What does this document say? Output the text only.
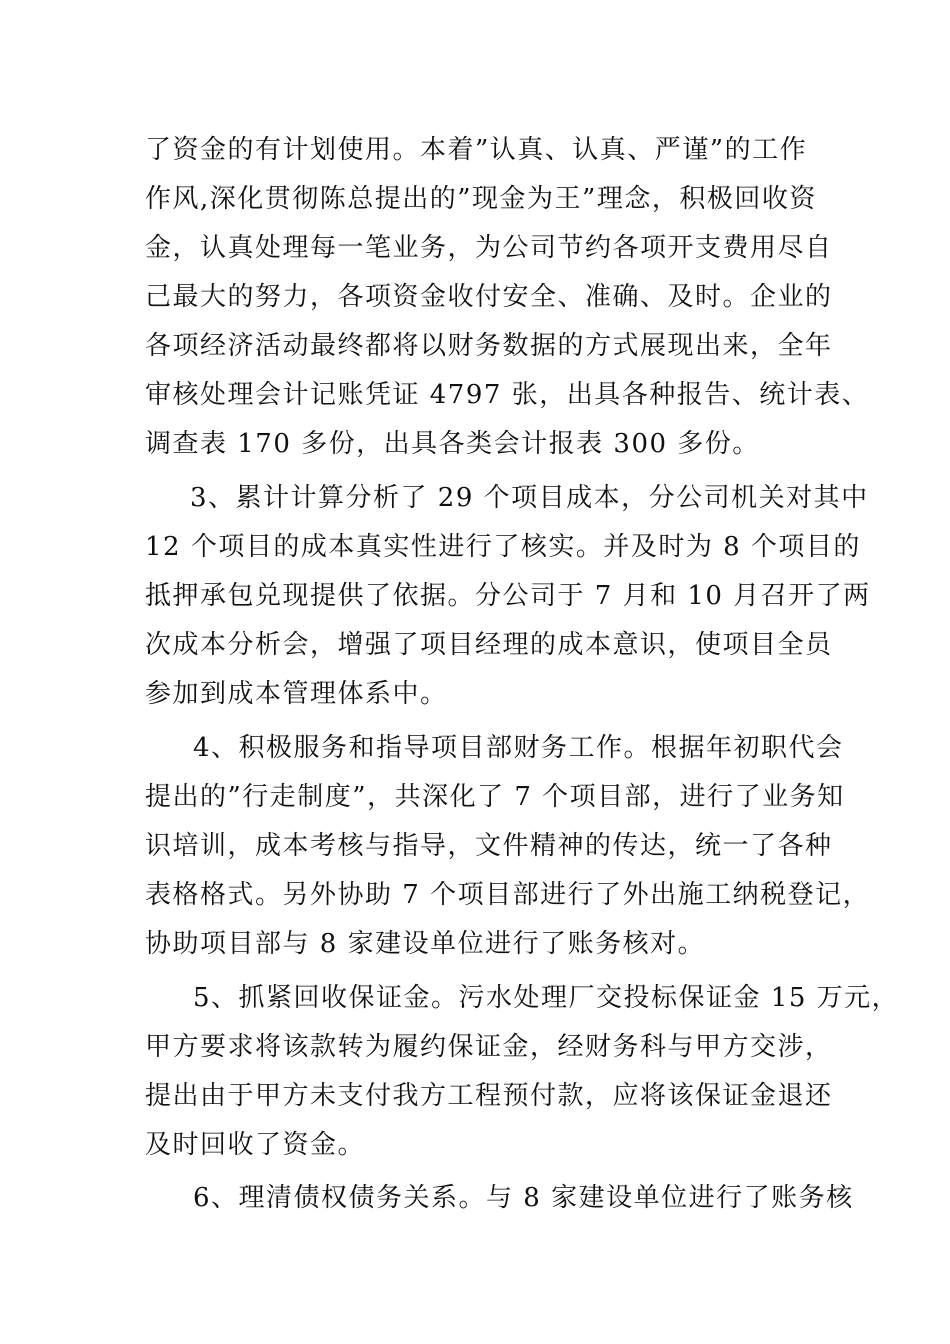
了资金的有计划使用。本着”认真、认真、严谨”的工作
作风,深化贯彻陈总提出的”现金为王”理念，积极回收资
金，认真处理每一笔业务，为公司节约各项开支费用尽自
己最大的努力，各项资金收付安全、准确、及时。企业的
各项经济活动最终都将以财务数据的方式展现出来，全年
审核处理会计记账凭证 4797 张，出具各种报告、统计表、
调查表 170 多份，出具各类会计报表 300 多份。
3、累计计算分析了 29 个项目成本，分公司机关对其中
12 个项目的成本真实性进行了核实。并及时为 8 个项目的
抵押承包兑现提供了依据。分公司于 7 月和 10 月召开了两
次成本分析会，增强了项目经理的成本意识，使项目全员
参加到成本管理体系中。
4、积极服务和指导项目部财务工作。根据年初职代会
提出的”行走制度”，共深化了 7 个项目部，进行了业务知
识培训，成本考核与指导，文件精神的传达，统一了各种
表格格式。另外协助 7 个项目部进行了外出施工纳税登记，
协助项目部与 8 家建设单位进行了账务核对。
5、抓紧回收保证金。污水处理厂交投标保证金 15 万元，
甲方要求将该款转为履约保证金，经财务科与甲方交涉，
提出由于甲方未支付我方工程预付款，应将该保证金退还
及时回收了资金。
6、理清债权债务关系。与 8 家建设单位进行了账务核
